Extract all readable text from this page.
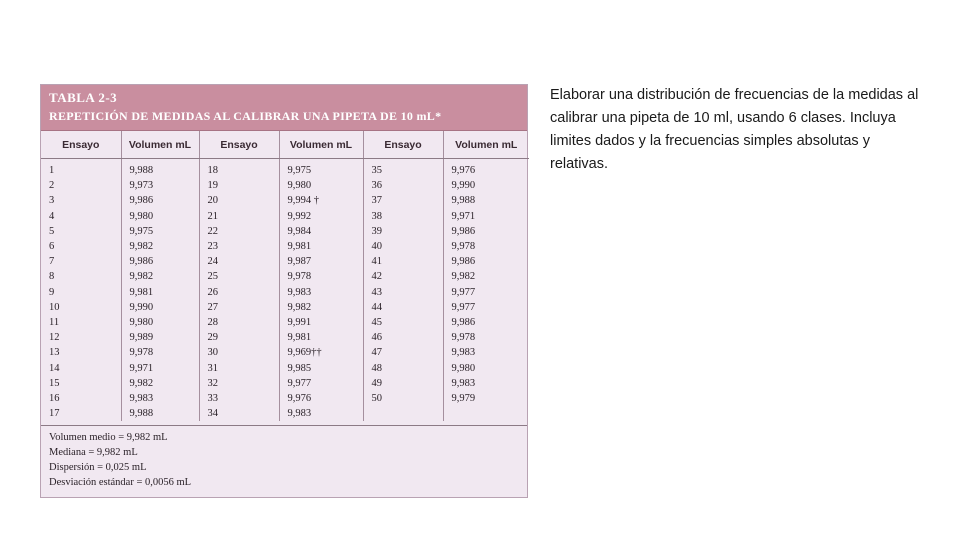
TABLA 2-3
REPETICIÓN DE MEDIDAS AL CALIBRAR UNA PIPETA DE 10 mL*
Ensayo	Volumen mL	Ensayo	Volumen mL	Ensayo	Volumen mL
1	9,988	18	9,975	35	9,976
2	9,973	19	9,980	36	9,990
3	9,986	20	9,994 †	37	9,988
4	9,980	21	9,992	38	9,971
5	9,975	22	9,984	39	9,986
6	9,982	23	9,981	40	9,978
7	9,986	24	9,987	41	9,986
8	9,982	25	9,978	42	9,982
9	9,981	26	9,983	43	9,977
10	9,990	27	9,982	44	9,977
11	9,980	28	9,991	45	9,986
12	9,989	29	9,981	46	9,978
13	9,978	30	9,969††	47	9,983
14	9,971	31	9,985	48	9,980
15	9,982	32	9,977	49	9,983
16	9,983	33	9,976	50	9,979
17	9,988	34	9,983		
Volumen medio = 9,982 mL
Mediana = 9,982 mL
Dispersión = 0,025 mL
Desviación estándar = 0,0056 mL
Elaborar una distribución de frecuencias de la medidas al calibrar una pipeta de 10 ml, usando 6 clases. Incluya limites dados y la frecuencias simples absolutas y relativas.
